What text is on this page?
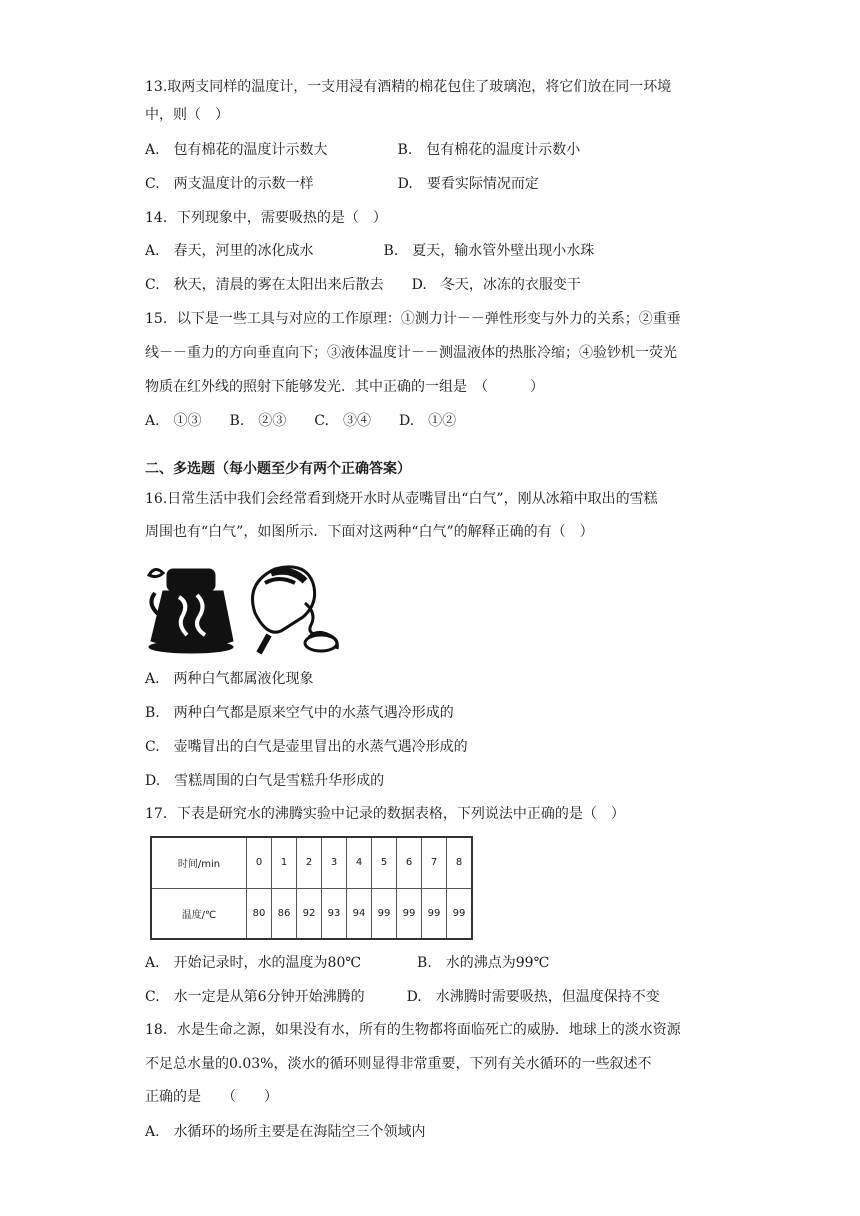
13.取两支同样的温度计，一支用浸有酒精的棉花包住了玻璃泡，将它们放在同一环境
中，则（　）
A.　包有棉花的温度计示数大　　　　　B.　包有棉花的温度计示数小
C.　两支温度计的示数一样　　　　　　D.　要看实际情况而定
14．下列现象中，需要吸热的是（　）
A.　春天，河里的冰化成水　　　　　B.　夏天，输水管外壁出现小水珠
C.　秋天，清晨的雾在太阳出来后散去　　D.　冬天，冰冻的衣服变干
15．以下是一些工具与对应的工作原理：①测力计－－弹性形变与外力的关系；②重垂
线－－重力的方向垂直向下；③液体温度计－－测温液体的热胀冷缩；④验钞机一荧光
物质在红外线的照射下能够发光．其中正确的一组是　（　　　）
A.　①③　　B.　②③　　C.　③④　　D.　①②
二、多选题（每小题至少有两个正确答案）
16.日常生活中我们会经常看到烧开水时从壶嘴冒出“白气”，刚从冰箱中取出的雪糕
周围也有“白气”，如图所示．下面对这两种“白气”的解释正确的有（　）
A.　两种白气都属液化现象
B.　两种白气都是原来空气中的水蒸气遇冷形成的
C.　壶嘴冒出的白气是壶里冒出的水蒸气遇冷形成的
D.　雪糕周围的白气是雪糕升华形成的
17．下表是研究水的沸腾实验中记录的数据表格，下列说法中正确的是（　）
时间/min	0	1	2	3	4	5	6	7	8
温度/℃	80	86	92	93	94	99	99	99	99
A.　开始记录时，水的温度为80℃　　　　B.　水的沸点为99℃
C.　水一定是从第6分钟开始沸腾的　　　D.　水沸腾时需要吸热，但温度保持不变
18．水是生命之源，如果没有水，所有的生物都将面临死亡的威胁．地球上的淡水资源
不足总水量的0.03%，淡水的循环则显得非常重要，下列有关水循环的一些叙述不
正确的是　　（　　）
A.　水循环的场所主要是在海陆空三个领域内
